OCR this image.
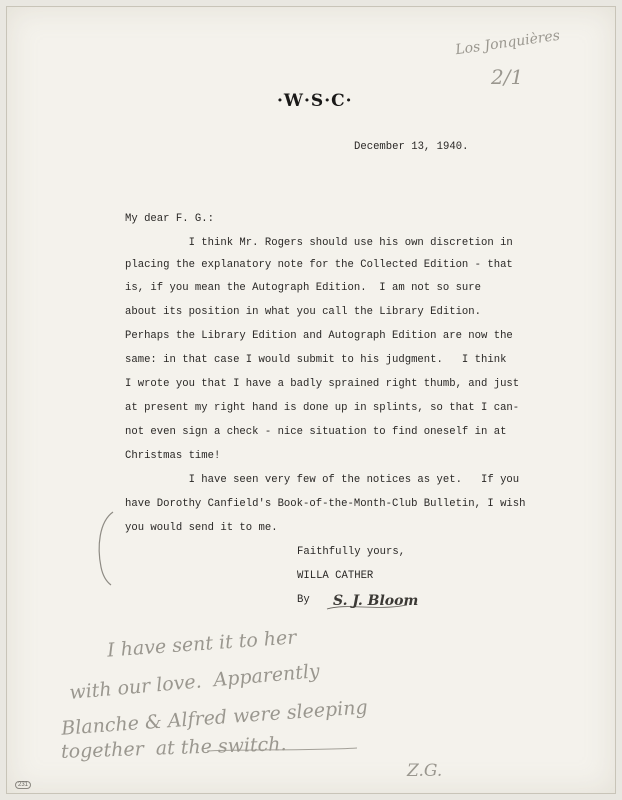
·W·S·C·
Los Jonquières
2/1
December 13, 1940.
My dear F. G.:
I think Mr. Rogers should use his own discretion in
placing the explanatory note for the Collected Edition - that
is, if you mean the Autograph Edition.  I am not so sure
about its position in what you call the Library Edition.
Perhaps the Library Edition and Autograph Edition are now the
same: in that case I would submit to his judgment.   I think
I wrote you that I have a badly sprained right thumb, and just
at present my right hand is done up in splints, so that I can-
not even sign a check - nice situation to find oneself in at
Christmas time!
I have seen very few of the notices as yet.   If you
have Dorothy Canfield's Book-of-the-Month-Club Bulletin, I wish
you would send it to me.
Faithfully yours,
WILLA CATHER
By S. J. Bloom
I have sent it to her
with our love.  Apparently
Blanche & Alfred were sleeping
together  at the switch.
Z.G.
231
